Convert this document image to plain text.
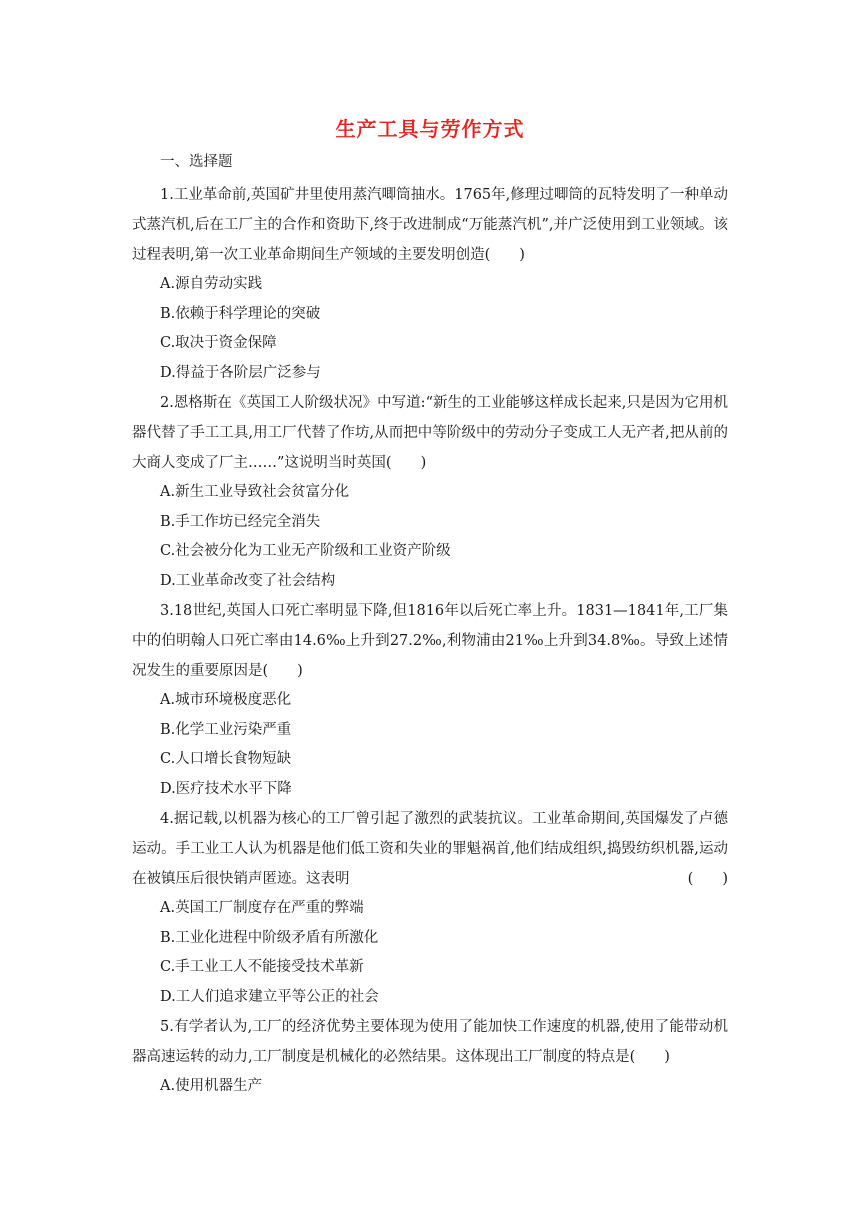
生产工具与劳作方式
一、选择题

1.工业革命前,英国矿井里使用蒸汽唧筒抽水。1765年,修理过唧筒的瓦特发明了一种单动式蒸汽机,后在工厂主的合作和资助下,终于改进制成“万能蒸汽机”,并广泛使用到工业领域。该过程表明,第一次工业革命期间生产领域的主要发明创造(　　)

A.源自劳动实践

B.依赖于科学理论的突破

C.取决于资金保障

D.得益于各阶层广泛参与

2.恩格斯在《英国工人阶级状况》中写道:“新生的工业能够这样成长起来,只是因为它用机器代替了手工工具,用工厂代替了作坊,从而把中等阶级中的劳动分子变成工人无产者,把从前的大商人变成了厂主……”这说明当时英国(　　)

A.新生工业导致社会贫富分化

B.手工作坊已经完全消失

C.社会被分化为工业无产阶级和工业资产阶级

D.工业革命改变了社会结构

3.18世纪,英国人口死亡率明显下降,但1816年以后死亡率上升。1831—1841年,工厂集中的伯明翰人口死亡率由14.6‰上升到27.2‰,利物浦由21‰上升到34.8‰。导致上述情况发生的重要原因是(　　)

A.城市环境极度恶化

B.化学工业污染严重

C.人口增长食物短缺

D.医疗技术水平下降

4.据记载,以机器为核心的工厂曾引起了激烈的武装抗议。工业革命期间,英国爆发了卢德运动。手工业工人认为机器是他们低工资和失业的罪魁祸首,他们结成组织,捣毁纺织机器,运动在被镇压后很快销声匿迹。这表明	(　　)

A.英国工厂制度存在严重的弊端

B.工业化进程中阶级矛盾有所激化

C.手工业工人不能接受技术革新

D.工人们追求建立平等公正的社会

5.有学者认为,工厂的经济优势主要体现为使用了能加快工作速度的机器,使用了能带动机器高速运转的动力,工厂制度是机械化的必然结果。这体现出工厂制度的特点是(　　)

A.使用机器生产
